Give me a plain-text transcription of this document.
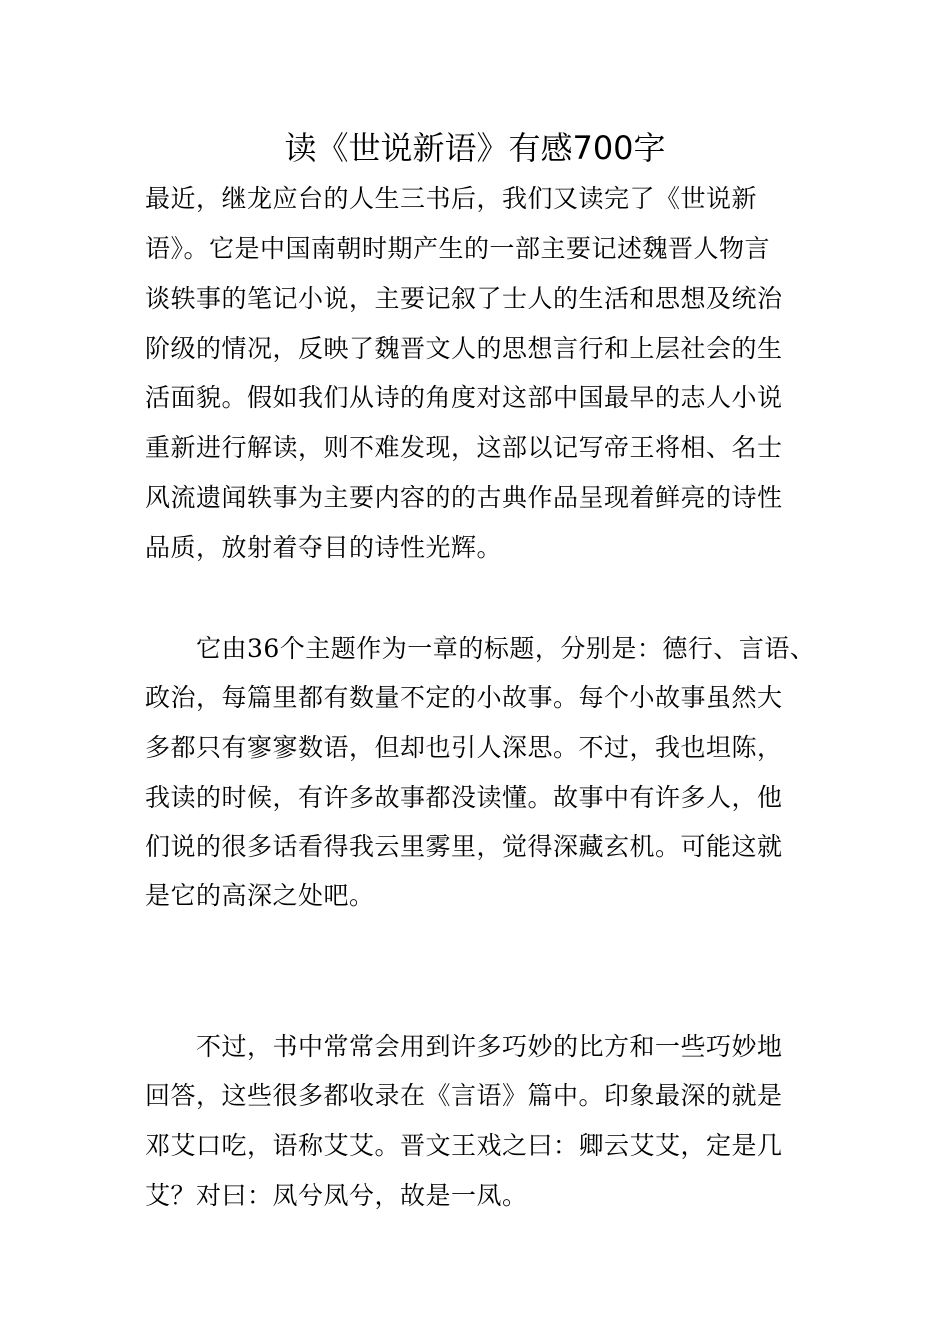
读《世说新语》有感700字
最近，继龙应台的人生三书后，我们又读完了《世说新
语》。它是中国南朝时期产生的一部主要记述魏晋人物言
谈轶事的笔记小说，主要记叙了士人的生活和思想及统治
阶级的情况，反映了魏晋文人的思想言行和上层社会的生
活面貌。假如我们从诗的角度对这部中国最早的志人小说
重新进行解读，则不难发现，这部以记写帝王将相、名士
风流遗闻轶事为主要内容的的古典作品呈现着鲜亮的诗性
品质，放射着夺目的诗性光辉。
　　它由36个主题作为一章的标题，分别是：德行、言语、
政治，每篇里都有数量不定的小故事。每个小故事虽然大
多都只有寥寥数语，但却也引人深思。不过，我也坦陈，
我读的时候，有许多故事都没读懂。故事中有许多人，他
们说的很多话看得我云里雾里，觉得深藏玄机。可能这就
是它的高深之处吧。
　　不过，书中常常会用到许多巧妙的比方和一些巧妙地
回答，这些很多都收录在《言语》篇中。印象最深的就是
邓艾口吃，语称艾艾。晋文王戏之曰：卿云艾艾，定是几
艾？对曰：凤兮凤兮，故是一凤。
